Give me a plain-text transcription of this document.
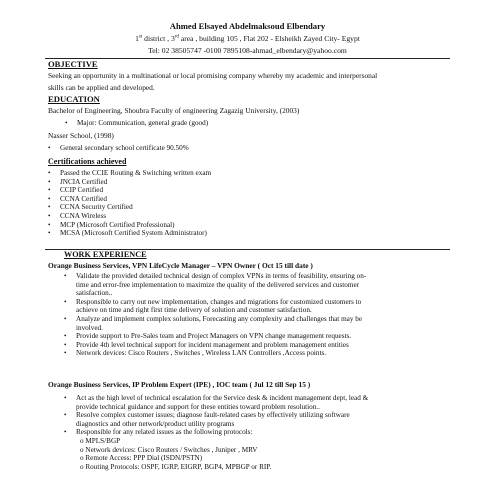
Ahmed Elsayed Abdelmaksoud Elbendary
1st district , 3rd area , building 105 , Flat 202 - Elsheikh Zayed City- Egypt
Tel: 02 38505747 -0100 7895108-ahmad_elbendary@yahoo.com
OBJECTIVE
Seeking an opportunity in a multinational or local promising company whereby my academic and interpersonal
skills can be applied and developed.
EDUCATION
Bachelor of Engineering, Shoubra Faculty of engineering Zagazig University, (2003)
• Major: Communication, general grade (good)
Nasser School, (1998)
• General secondary school certificate 90.50%
Certifications achieved
• Passed the CCIE Routing & Switching written exam
• JNCIA Certified
• CCIP Certified
• CCNA Certified
• CCNA Security Certified
• CCNA Wireless
• MCP (Microsoft Certified Professional)
• MCSA (Microsoft Certified System Administrator)
WORK EXPERIENCE
Orange Business Services, VPN LifeCycle Manager – VPN Owner ( Oct 15 till date )
• Validate the provided detailed technical design of complex VPNs in terms of feasibility, ensuring on-
time and error-free implementation to maximize the quality of the delivered services and customer
satisfaction..
• Responsible to carry out new implementation, changes and migrations for customized customers to
achieve on time and right first time delivery of solution and customer satisfaction.
• Analyze and implement complex solutions, Forecasting any complexity and challenges that may be
involved.
• Provide support to Pre-Sales team and Project Managers on VPN change management requests.
• Provide 4th level technical support for incident management and problem management entities
• Network devices: Cisco Routers , Switches , Wireless LAN Controllers ,Access points.
Orange Business Services, IP Problem Expert (IPE) , IOC team ( Jul 12 till Sep 15 )
• Act as the high level of technical escalation for the Service desk & incident management dept, lead &
provide technical guidance and support for these entities toward problem resolution..
• Resolve complex customer issues; diagnose fault-related cases by effectively utilizing software
diagnostics and other network/product utility programs
• Responsible for any related issues as the following protocols:
o MPLS/BGP
o Network devices: Cisco Routers / Switches , Juniper , MRV
o Remote Access: PPP Dial (ISDN/PSTN)
o Routing Protocols: OSPF, IGRP, EIGRP, BGP4, MPBGP or RIP.
